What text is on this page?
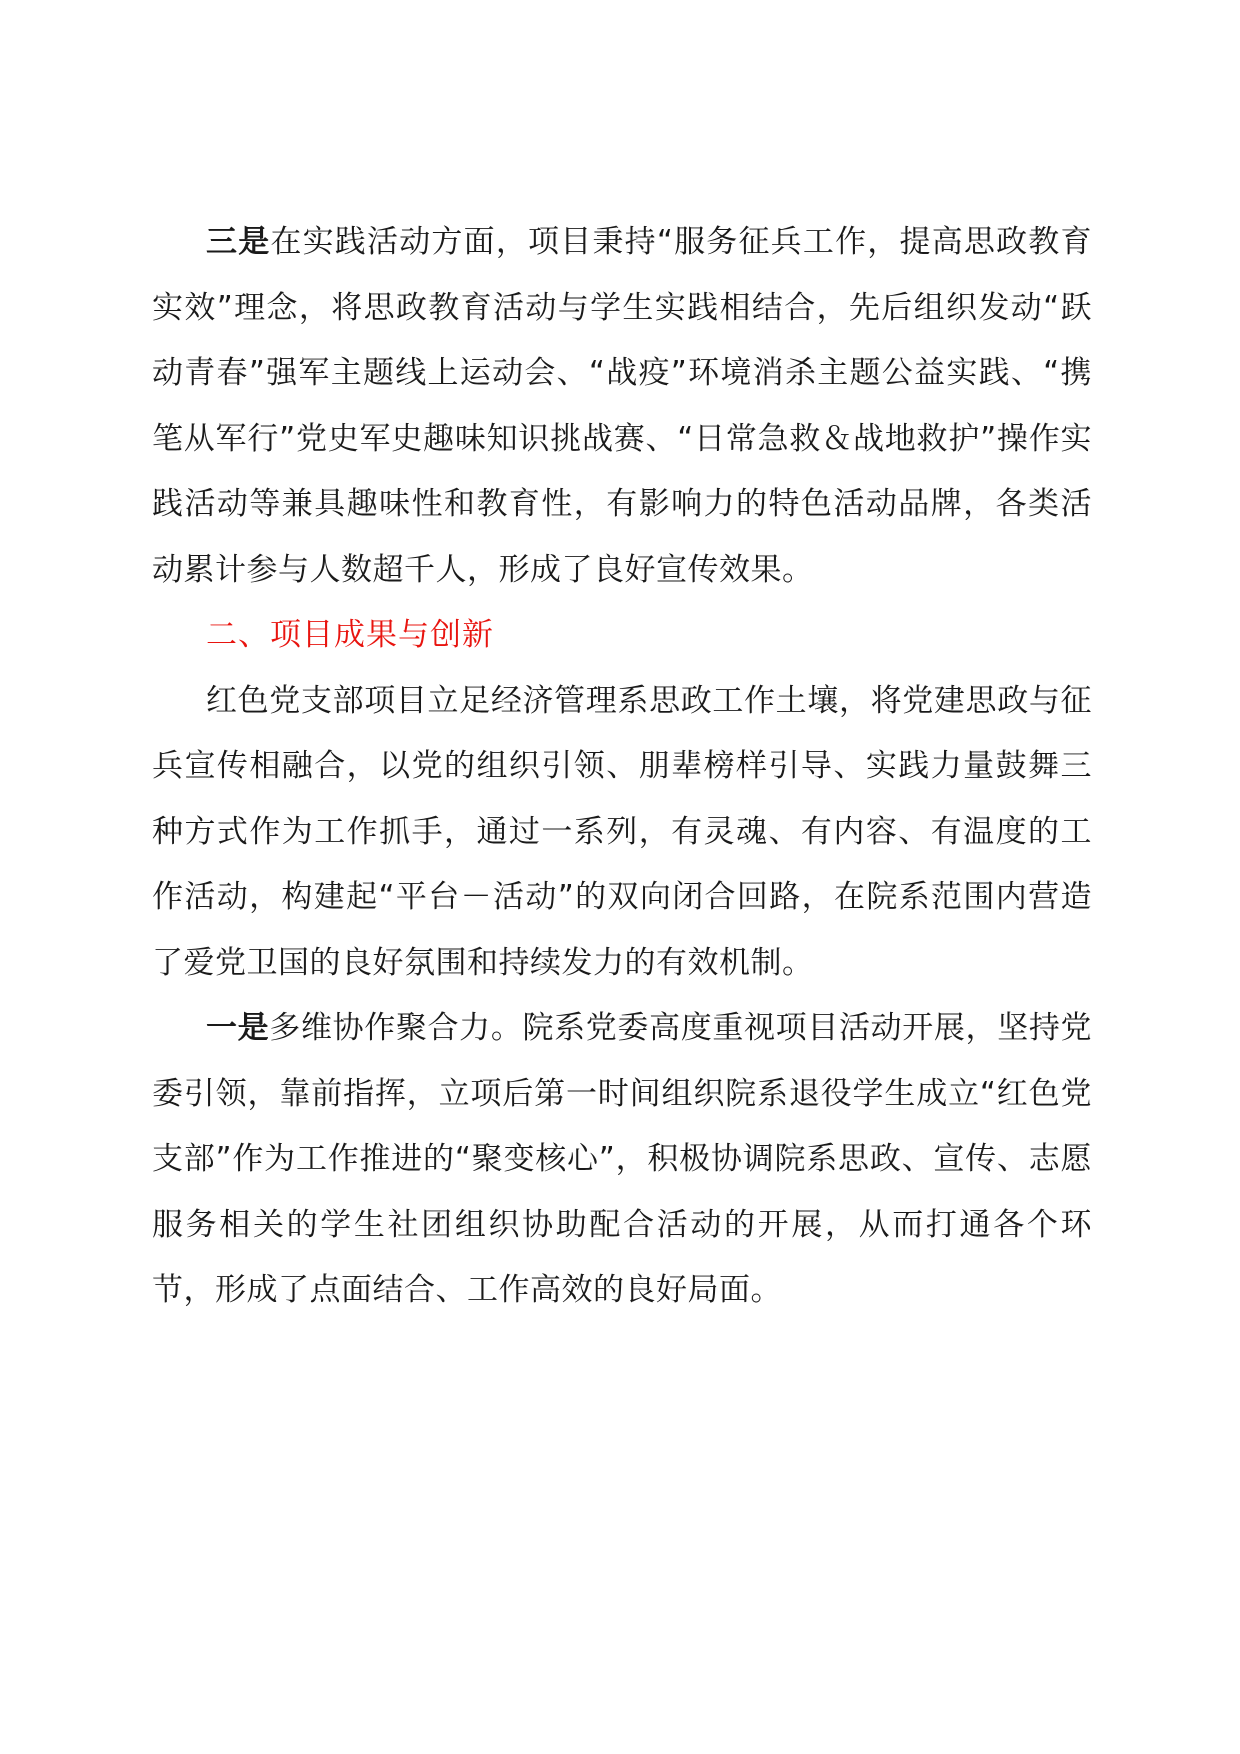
三是在实践活动方面，项目秉持“服务征兵工作，提高思政教育实效”理念，将思政教育活动与学生实践相结合，先后组织发动“跃动青春”强军主题线上运动会、“战疫”环境消杀主题公益实践、“携笔从军行”党史军史趣味知识挑战赛、“日常急救＆战地救护”操作实践活动等兼具趣味性和教育性，有影响力的特色活动品牌，各类活动累计参与人数超千人，形成了良好宣传效果。

二、项目成果与创新

红色党支部项目立足经济管理系思政工作土壤，将党建思政与征兵宣传相融合，以党的组织引领、朋辈榜样引导、实践力量鼓舞三种方式作为工作抓手，通过一系列，有灵魂、有内容、有温度的工作活动，构建起“平台－活动”的双向闭合回路，在院系范围内营造了爱党卫国的良好氛围和持续发力的有效机制。

一是多维协作聚合力。院系党委高度重视项目活动开展，坚持党委引领，靠前指挥，立项后第一时间组织院系退役学生成立“红色党支部”作为工作推进的“聚变核心”，积极协调院系思政、宣传、志愿服务相关的学生社团组织协助配合活动的开展，从而打通各个环节，形成了点面结合、工作高效的良好局面。
